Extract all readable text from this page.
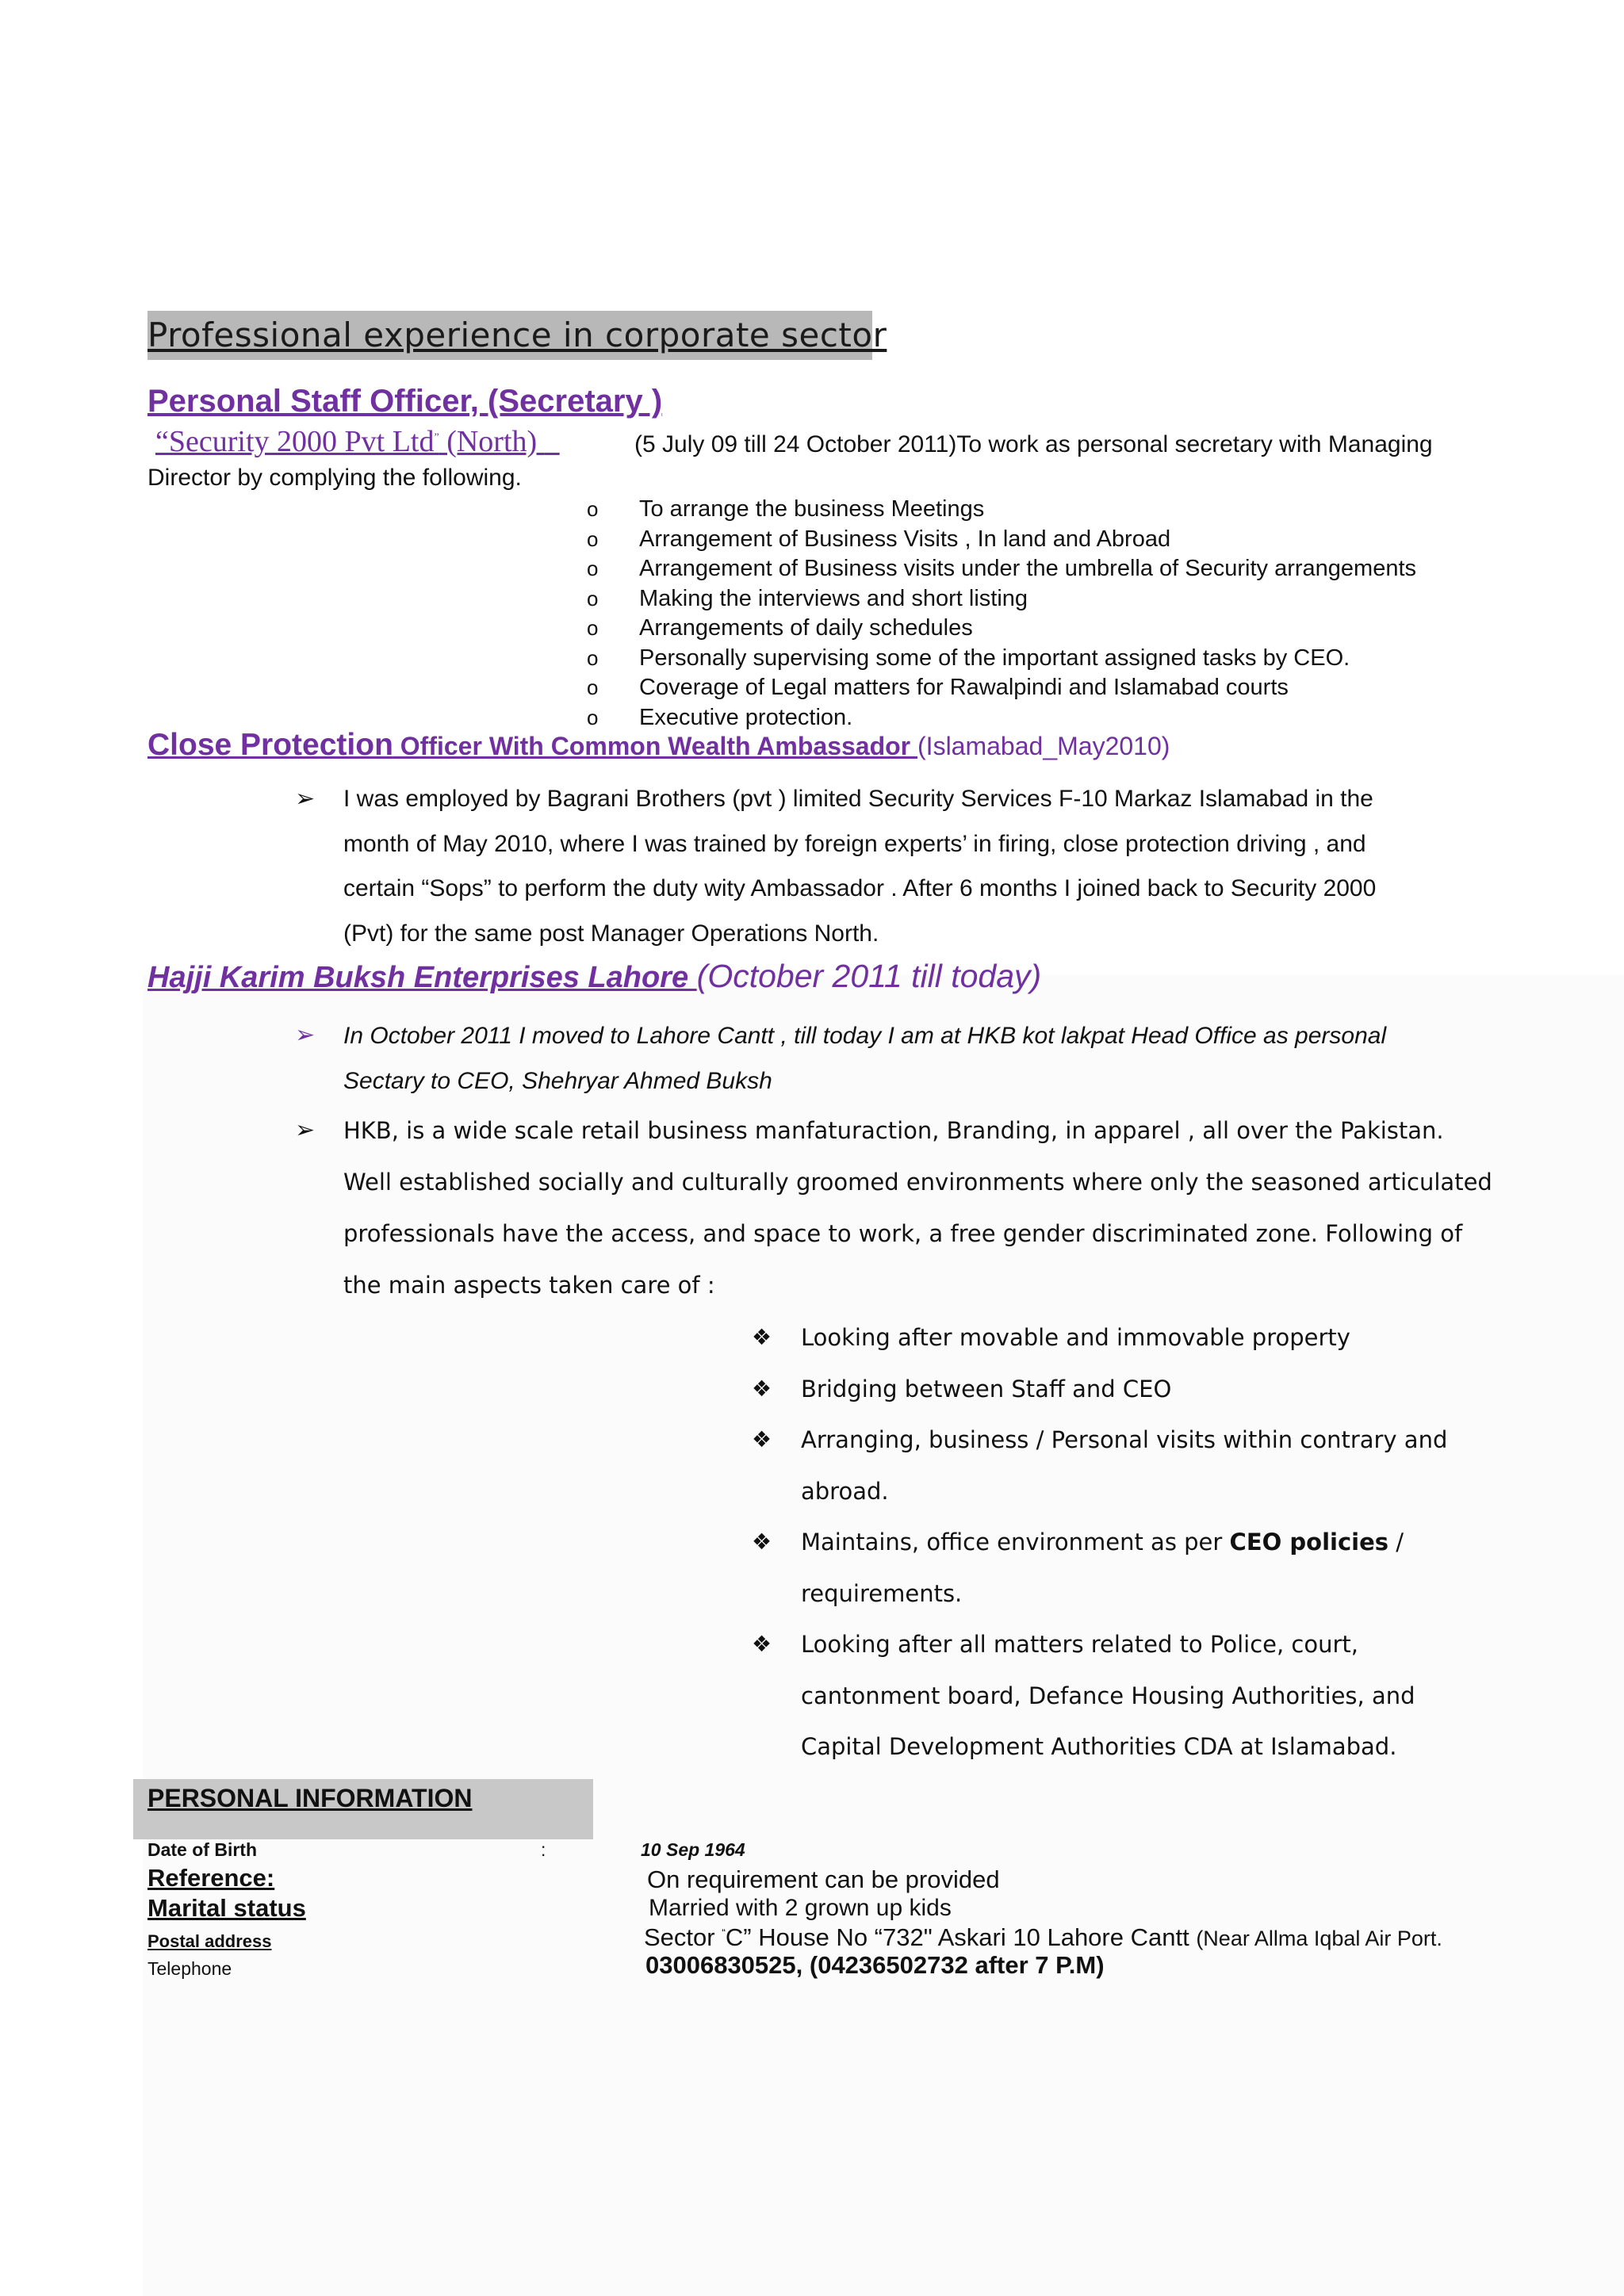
Professional experience in corporate sector
Personal Staff Officer, (Secretary )
“Security 2000 Pvt Ltd” (North)	(5 July 09 till 24 October 2011)To work as personal secretary with Managing
Director by complying the following.
o To arrange the business Meetings
o Arrangement of Business Visits , In land and Abroad
o Arrangement of Business visits under the umbrella of Security arrangements
o Making the interviews and short listing
o Arrangements of daily schedules
o Personally supervising some of the important assigned tasks by CEO.
o Coverage of Legal matters for Rawalpindi and Islamabad courts
o Executive protection.
Close Protection Officer With Common Wealth Ambassador (Islamabad_May2010)
➢ I was employed by Bagrani Brothers (pvt ) limited Security Services F-10 Markaz Islamabad in the
month of May 2010, where I was trained by foreign experts’ in firing, close protection driving , and
certain “Sops” to perform the duty wity Ambassador . After 6 months I joined back to Security 2000
(Pvt) for the same post Manager Operations North.
Hajji Karim Buksh Enterprises Lahore (October 2011 till today)
➢ In October 2011 I moved to Lahore Cantt , till today I am at HKB kot lakpat Head Office as personal
Sectary to CEO, Shehryar Ahmed Buksh
➢ HKB, is a wide scale retail business manfaturaction, Branding, in apparel , all over the Pakistan.
Well established socially and culturally groomed environments where only the seasoned articulated
professionals have the access, and space to work, a free gender discriminated zone. Following of
the main aspects taken care of :
❖ Looking after movable and immovable property
❖ Bridging between Staff and CEO
❖ Arranging, business / Personal visits within contrary and
abroad.
❖ Maintains, office environment as per CEO policies /
requirements.
❖ Looking after all matters related to Police, court,
cantonment board, Defance Housing Authorities, and
Capital Development Authorities CDA at Islamabad.
PERSONAL INFORMATION
Date of Birth	:	10 Sep 1964
Reference:	On requirement can be provided
Marital status	Married with 2 grown up kids
Postal address	Sector “C” House No “732" Askari 10 Lahore Cantt (Near Allma Iqbal Air Port.
Telephone	03006830525, (04236502732 after 7 P.M)
